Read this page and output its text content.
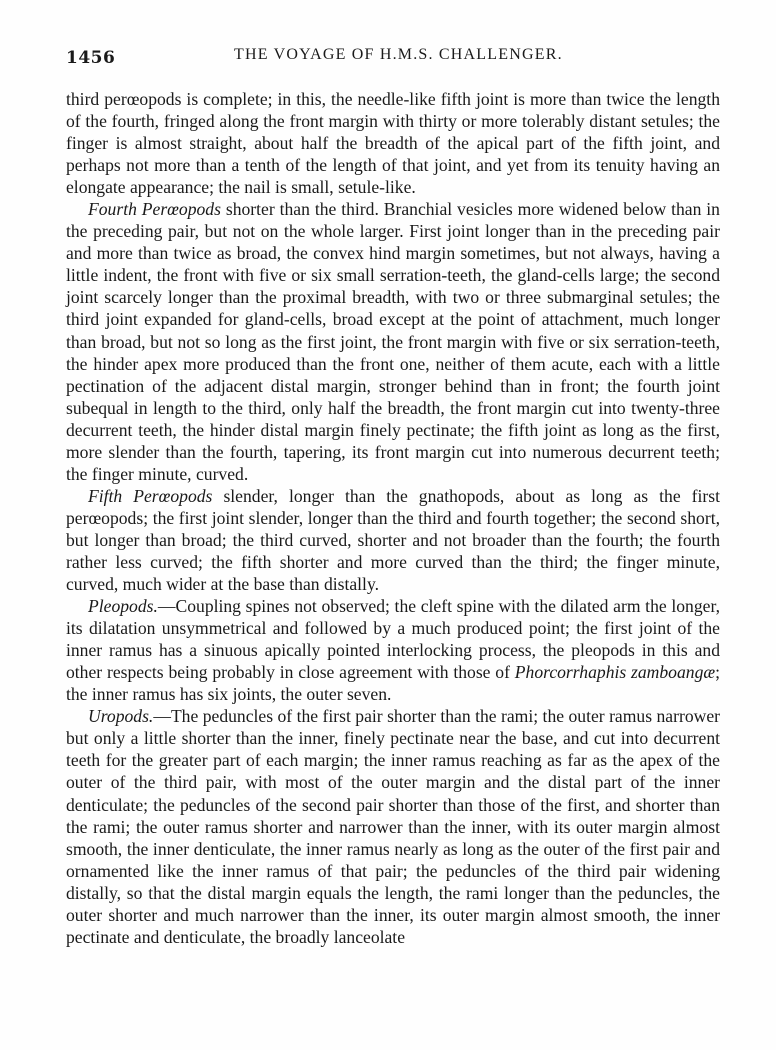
1456	THE VOYAGE OF H.M.S. CHALLENGER.

third perœopods is complete; in this, the needle-like fifth joint is more than twice the length of the fourth, fringed along the front margin with thirty or more tolerably distant setules; the finger is almost straight, about half the breadth of the apical part of the fifth joint, and perhaps not more than a tenth of the length of that joint, and yet from its tenuity having an elongate appearance; the nail is small, setule-like.

Fourth Perœopods shorter than the third. Branchial vesicles more widened below than in the preceding pair, but not on the whole larger. First joint longer than in the preceding pair and more than twice as broad, the convex hind margin sometimes, but not always, having a little indent, the front with five or six small serration-teeth, the gland-cells large; the second joint scarcely longer than the proximal breadth, with two or three submarginal setules; the third joint expanded for gland-cells, broad except at the point of attachment, much longer than broad, but not so long as the first joint, the front margin with five or six serration-teeth, the hinder apex more produced than the front one, neither of them acute, each with a little pectination of the adjacent distal margin, stronger behind than in front; the fourth joint subequal in length to the third, only half the breadth, the front margin cut into twenty-three decurrent teeth, the hinder distal margin finely pectinate; the fifth joint as long as the first, more slender than the fourth, tapering, its front margin cut into numerous decurrent teeth; the finger minute, curved.

Fifth Perœopods slender, longer than the gnathopods, about as long as the first perœopods; the first joint slender, longer than the third and fourth together; the second short, but longer than broad; the third curved, shorter and not broader than the fourth; the fourth rather less curved; the fifth shorter and more curved than the third; the finger minute, curved, much wider at the base than distally.

Pleopods.—Coupling spines not observed; the cleft spine with the dilated arm the longer, its dilatation unsymmetrical and followed by a much produced point; the first joint of the inner ramus has a sinuous apically pointed interlocking process, the pleopods in this and other respects being probably in close agreement with those of Phorcorrhaphis zamboangæ; the inner ramus has six joints, the outer seven.

Uropods.—The peduncles of the first pair shorter than the rami; the outer ramus narrower but only a little shorter than the inner, finely pectinate near the base, and cut into decurrent teeth for the greater part of each margin; the inner ramus reaching as far as the apex of the outer of the third pair, with most of the outer margin and the distal part of the inner denticulate; the peduncles of the second pair shorter than those of the first, and shorter than the rami; the outer ramus shorter and narrower than the inner, with its outer margin almost smooth, the inner denticulate, the inner ramus nearly as long as the outer of the first pair and ornamented like the inner ramus of that pair; the peduncles of the third pair widening distally, so that the distal margin equals the length, the rami longer than the peduncles, the outer shorter and much narrower than the inner, its outer margin almost smooth, the inner pectinate and denticulate, the broadly lanceolate
